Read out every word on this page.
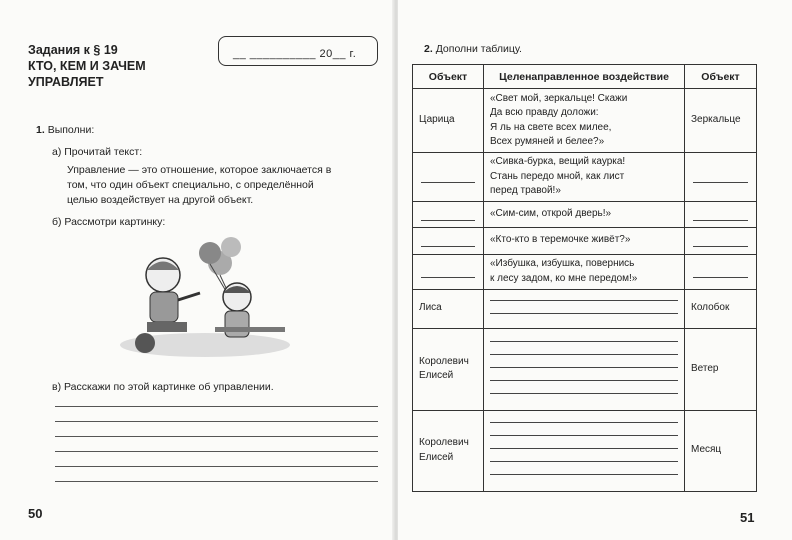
Задания к § 19
КТО, КЕМ И ЗАЧЕМ
УПРАВЛЯЕТ
__ __________ 20__ г.
1. Выполни:
а) Прочитай текст:
Управление — это отношение, которое заключается в
том, что один объект специально, с определённой
целью воздействует на другой объект.
б) Рассмотри картинку:
в) Расскажи по этой картинке об управлении.
50
2. Дополни таблицу.
Объект	Целенаправленное воздействие	Объект
Царица	«Свет мой, зеркальце! Скажи
Да всю правду доложи:
Я ль на свете всех милее,
Всех румяней и белее?»	Зеркальце

	«Сивка-бурка, вещий каурка!
Стань передо мной, как лист
перед травой!»	

	«Сим-сим, открой дверь!»	

	«Кто-кто в теремочке живёт?»	

	«Избушка, избушка, повернись
к лесу задом, ко мне передом!»	

Лиса		Колобок
Королевич Елисей		Ветер
Королевич Елисей		Месяц
51
